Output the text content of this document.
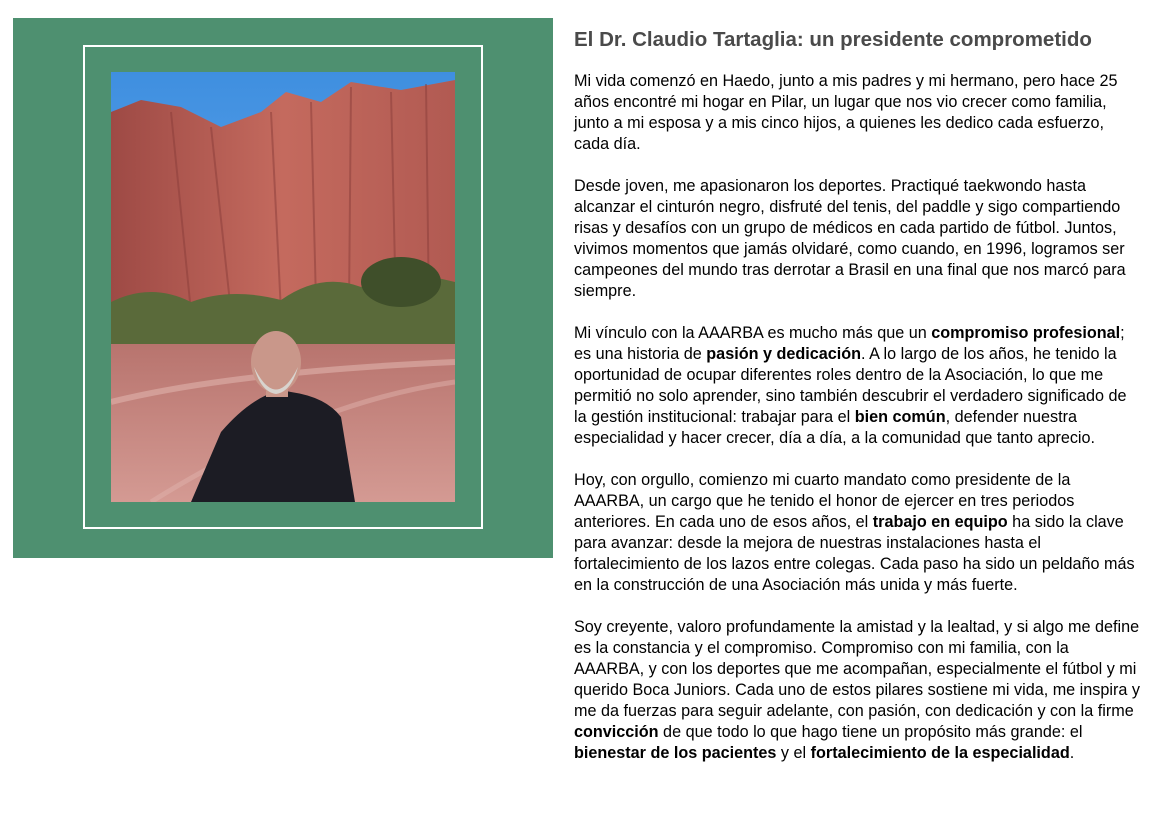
El Dr. Claudio Tartaglia: un presidente comprometido

Mi vida comenzó en Haedo, junto a mis padres y mi hermano, pero hace 25 años encontré mi hogar en Pilar, un lugar que nos vio crecer como familia, junto a mi esposa y a mis cinco hijos, a quienes les dedico cada esfuerzo, cada día.

Desde joven, me apasionaron los deportes. Practiqué taekwondo hasta alcanzar el cinturón negro, disfruté del tenis, del paddle y sigo compartiendo risas y desafíos con un grupo de médicos en cada partido de fútbol. Juntos, vivimos momentos que jamás olvidaré, como cuando, en 1996, logramos ser campeones del mundo tras derrotar a Brasil en una final que nos marcó para siempre.

Mi vínculo con la AAARBA es mucho más que un compromiso profesional; es una historia de pasión y dedicación. A lo largo de los años, he tenido la oportunidad de ocupar diferentes roles dentro de la Asociación, lo que me permitió no solo aprender, sino también descubrir el verdadero significado de la gestión institucional: trabajar para el bien común, defender nuestra especialidad y hacer crecer, día a día, a la comunidad que tanto aprecio.

Hoy, con orgullo, comienzo mi cuarto mandato como presidente de la AAARBA, un cargo que he tenido el honor de ejercer en tres periodos anteriores. En cada uno de esos años, el trabajo en equipo ha sido la clave para avanzar: desde la mejora de nuestras instalaciones hasta el fortalecimiento de los lazos entre colegas. Cada paso ha sido un peldaño más en la construcción de una Asociación más unida y más fuerte.

Soy creyente, valoro profundamente la amistad y la lealtad, y si algo me define es la constancia y el compromiso. Compromiso con mi familia, con la AAARBA, y con los deportes que me acompañan, especialmente el fútbol y mi querido Boca Juniors. Cada uno de estos pilares sostiene mi vida, me inspira y me da fuerzas para seguir adelante, con pasión, con dedicación y con la firme convicción de que todo lo que hago tiene un propósito más grande: el bienestar de los pacientes y el fortalecimiento de la especialidad.
